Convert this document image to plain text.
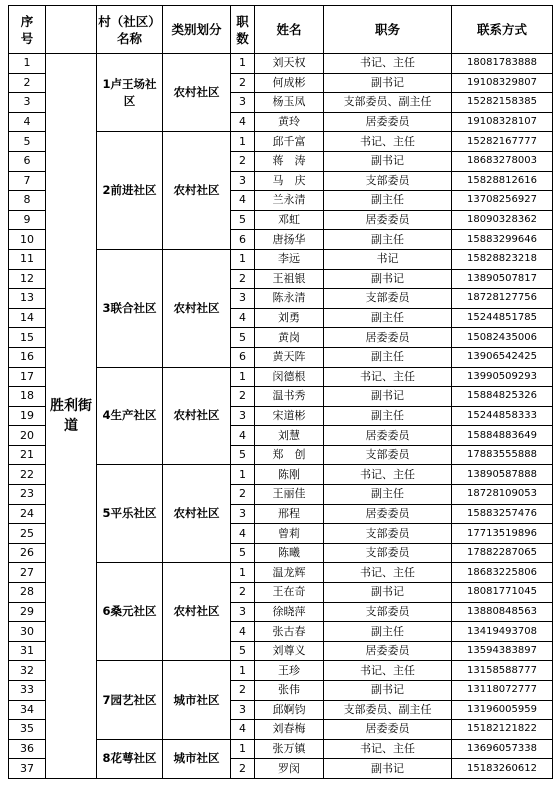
序号		村（社区）名称	类别划分	职数	姓名	职务	联系方式
1	胜利街道	1卢王场社区	农村社区	1	刘天权	书记、主任	18081783888
2				2	何成彬	副书记	19108329807
3				3	杨玉凤	支部委员、副主任	15282158385
4				4	黄玲	居委委员	19108328107
5		2前进社区	农村社区	1	邱千富	书记、主任	15282167777
6				2	蒋　涛	副书记	18683278003
7				3	马　庆	支部委员	15828812616
8				4	兰永清	副主任	13708256927
9				5	邓虹	居委委员	18090328362
10				6	唐扬华	副主任	15883299646
11		3联合社区	农村社区	1	李远	书记	15828823218
12				2	王祖银	副书记	13890507817
13				3	陈永清	支部委员	18728127756
14				4	刘勇	副主任	15244851785
15				5	黄岗	居委委员	15082435006
16				6	黄天阵	副主任	13906542425
17		4生产社区	农村社区	1	闵德根	书记、主任	13990509293
18				2	温书秀	副书记	15884825326
19				3	宋道彬	副主任	15244858333
20				4	刘慧	居委委员	15884883649
21				5	郑　创	支部委员	17883555888
22		5平乐社区	农村社区	1	陈刚	书记、主任	13890587888
23				2	王丽佳	副主任	18728109053
24				3	邢程	居委委员	15883257476
25				4	曾莉	支部委员	17713519896
26				5	陈曦	支部委员	17882287065
27		6桑元社区	农村社区	1	温龙辉	书记、主任	18683225806
28				2	王在奇	副书记	18081771045
29				3	徐晓萍	支部委员	13880848563
30				4	张古春	副主任	13419493708
31				5	刘尊义	居委委员	13594383897
32		7园艺社区	城市社区	1	王珍	书记、主任	13158588777
33				2	张伟	副书记	13118072777
34				3	邱婀钧	支部委员、副主任	13196005959
35				4	刘春梅	居委委员	15182121822
36		8花萼社区	城市社区	1	张万镇	书记、主任	13696057338
37				2	罗闵	副书记	15183260612
